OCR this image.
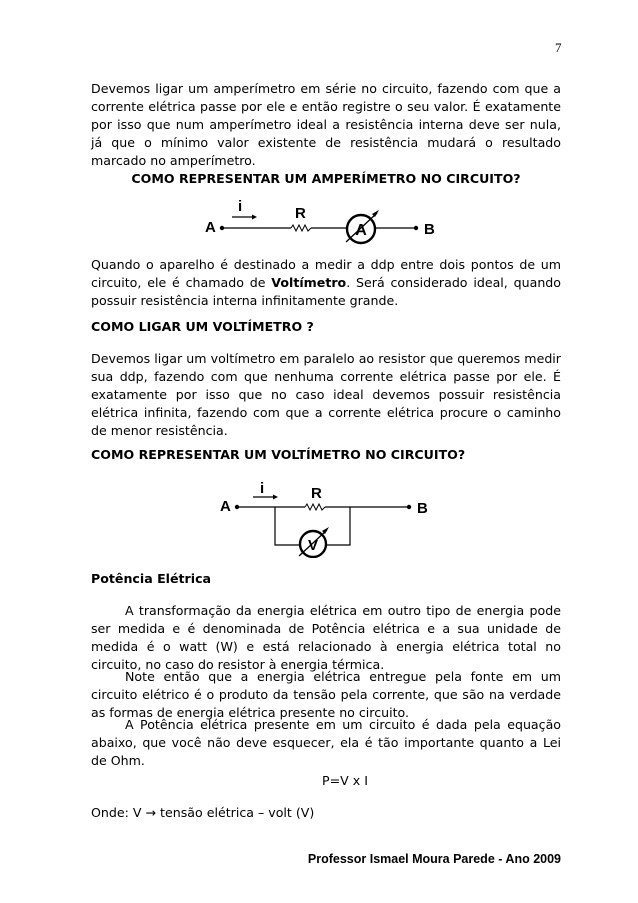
7
Devemos ligar um amperímetro em série no circuito, fazendo com que a corrente elétrica passe por ele e então registre o seu valor. É exatamente por isso que num amperímetro ideal a resistência interna deve ser nula, já que o mínimo valor existente de resistência mudará o resultado marcado no amperímetro.
COMO REPRESENTAR UM AMPERÍMETRO NO CIRCUITO?
A
i	R
A	B
Quando o aparelho é destinado a medir a ddp entre dois pontos de um circuito, ele é chamado de Voltímetro. Será considerado ideal, quando possuir resistência interna infinitamente grande.
COMO LIGAR UM VOLTÍMETRO ?
Devemos ligar um voltímetro em paralelo ao resistor que queremos medir sua ddp, fazendo com que nenhuma corrente elétrica passe por ele. É exatamente por isso que no caso ideal devemos possuir resistência elétrica infinita, fazendo com que a corrente elétrica procure o caminho de menor resistência.
COMO REPRESENTAR UM VOLTÍMETRO NO CIRCUITO?
A
i	R
B
V
Potência Elétrica
A transformação da energia elétrica em outro tipo de energia pode ser medida e é denominada de Potência elétrica e a sua unidade de medida é o watt (W) e está relacionado à energia elétrica total no circuito, no caso do resistor à energia térmica.
Note então que a energia elétrica entregue pela fonte em um circuito elétrico é o produto da tensão pela corrente, que são na verdade as formas de energia elétrica presente no circuito.
A Potência elétrica presente em um circuito é dada pela equação abaixo, que você não deve esquecer, ela é tão importante quanto a Lei de Ohm.
P=V x I
Onde: V → tensão elétrica – volt (V)
Professor Ismael Moura Parede - Ano 2009
